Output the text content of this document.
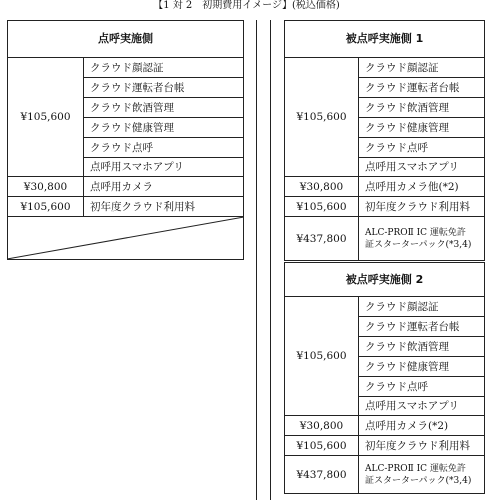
【1 対 2　初期費用イメージ】(税込価格)
点呼実施側	
¥105,600	クラウド顔認証
	クラウド運転者台帳
	クラウド飲酒管理
	クラウド健康管理
	クラウド点呼
	点呼用スマホアプリ
¥30,800	点呼用カメラ
¥105,600	初年度クラウド利用料
被点呼実施側 1	
¥105,600	クラウド顔認証
	クラウド運転者台帳
	クラウド飲酒管理
	クラウド健康管理
	クラウド点呼
	点呼用スマホアプリ
¥30,800	点呼用カメラ他(*2)
¥105,600	初年度クラウド利用料
¥437,800	ALC-PROⅡ IC 運転免許
証スターターパック(*3,4)
被点呼実施側 2	
¥105,600	クラウド顔認証
	クラウド運転者台帳
	クラウド飲酒管理
	クラウド健康管理
	クラウド点呼
	点呼用スマホアプリ
¥30,800	点呼用カメラ(*2)
¥105,600	初年度クラウド利用料
¥437,800	ALC-PROⅡ IC 運転免許
証スターターパック(*3,4)
